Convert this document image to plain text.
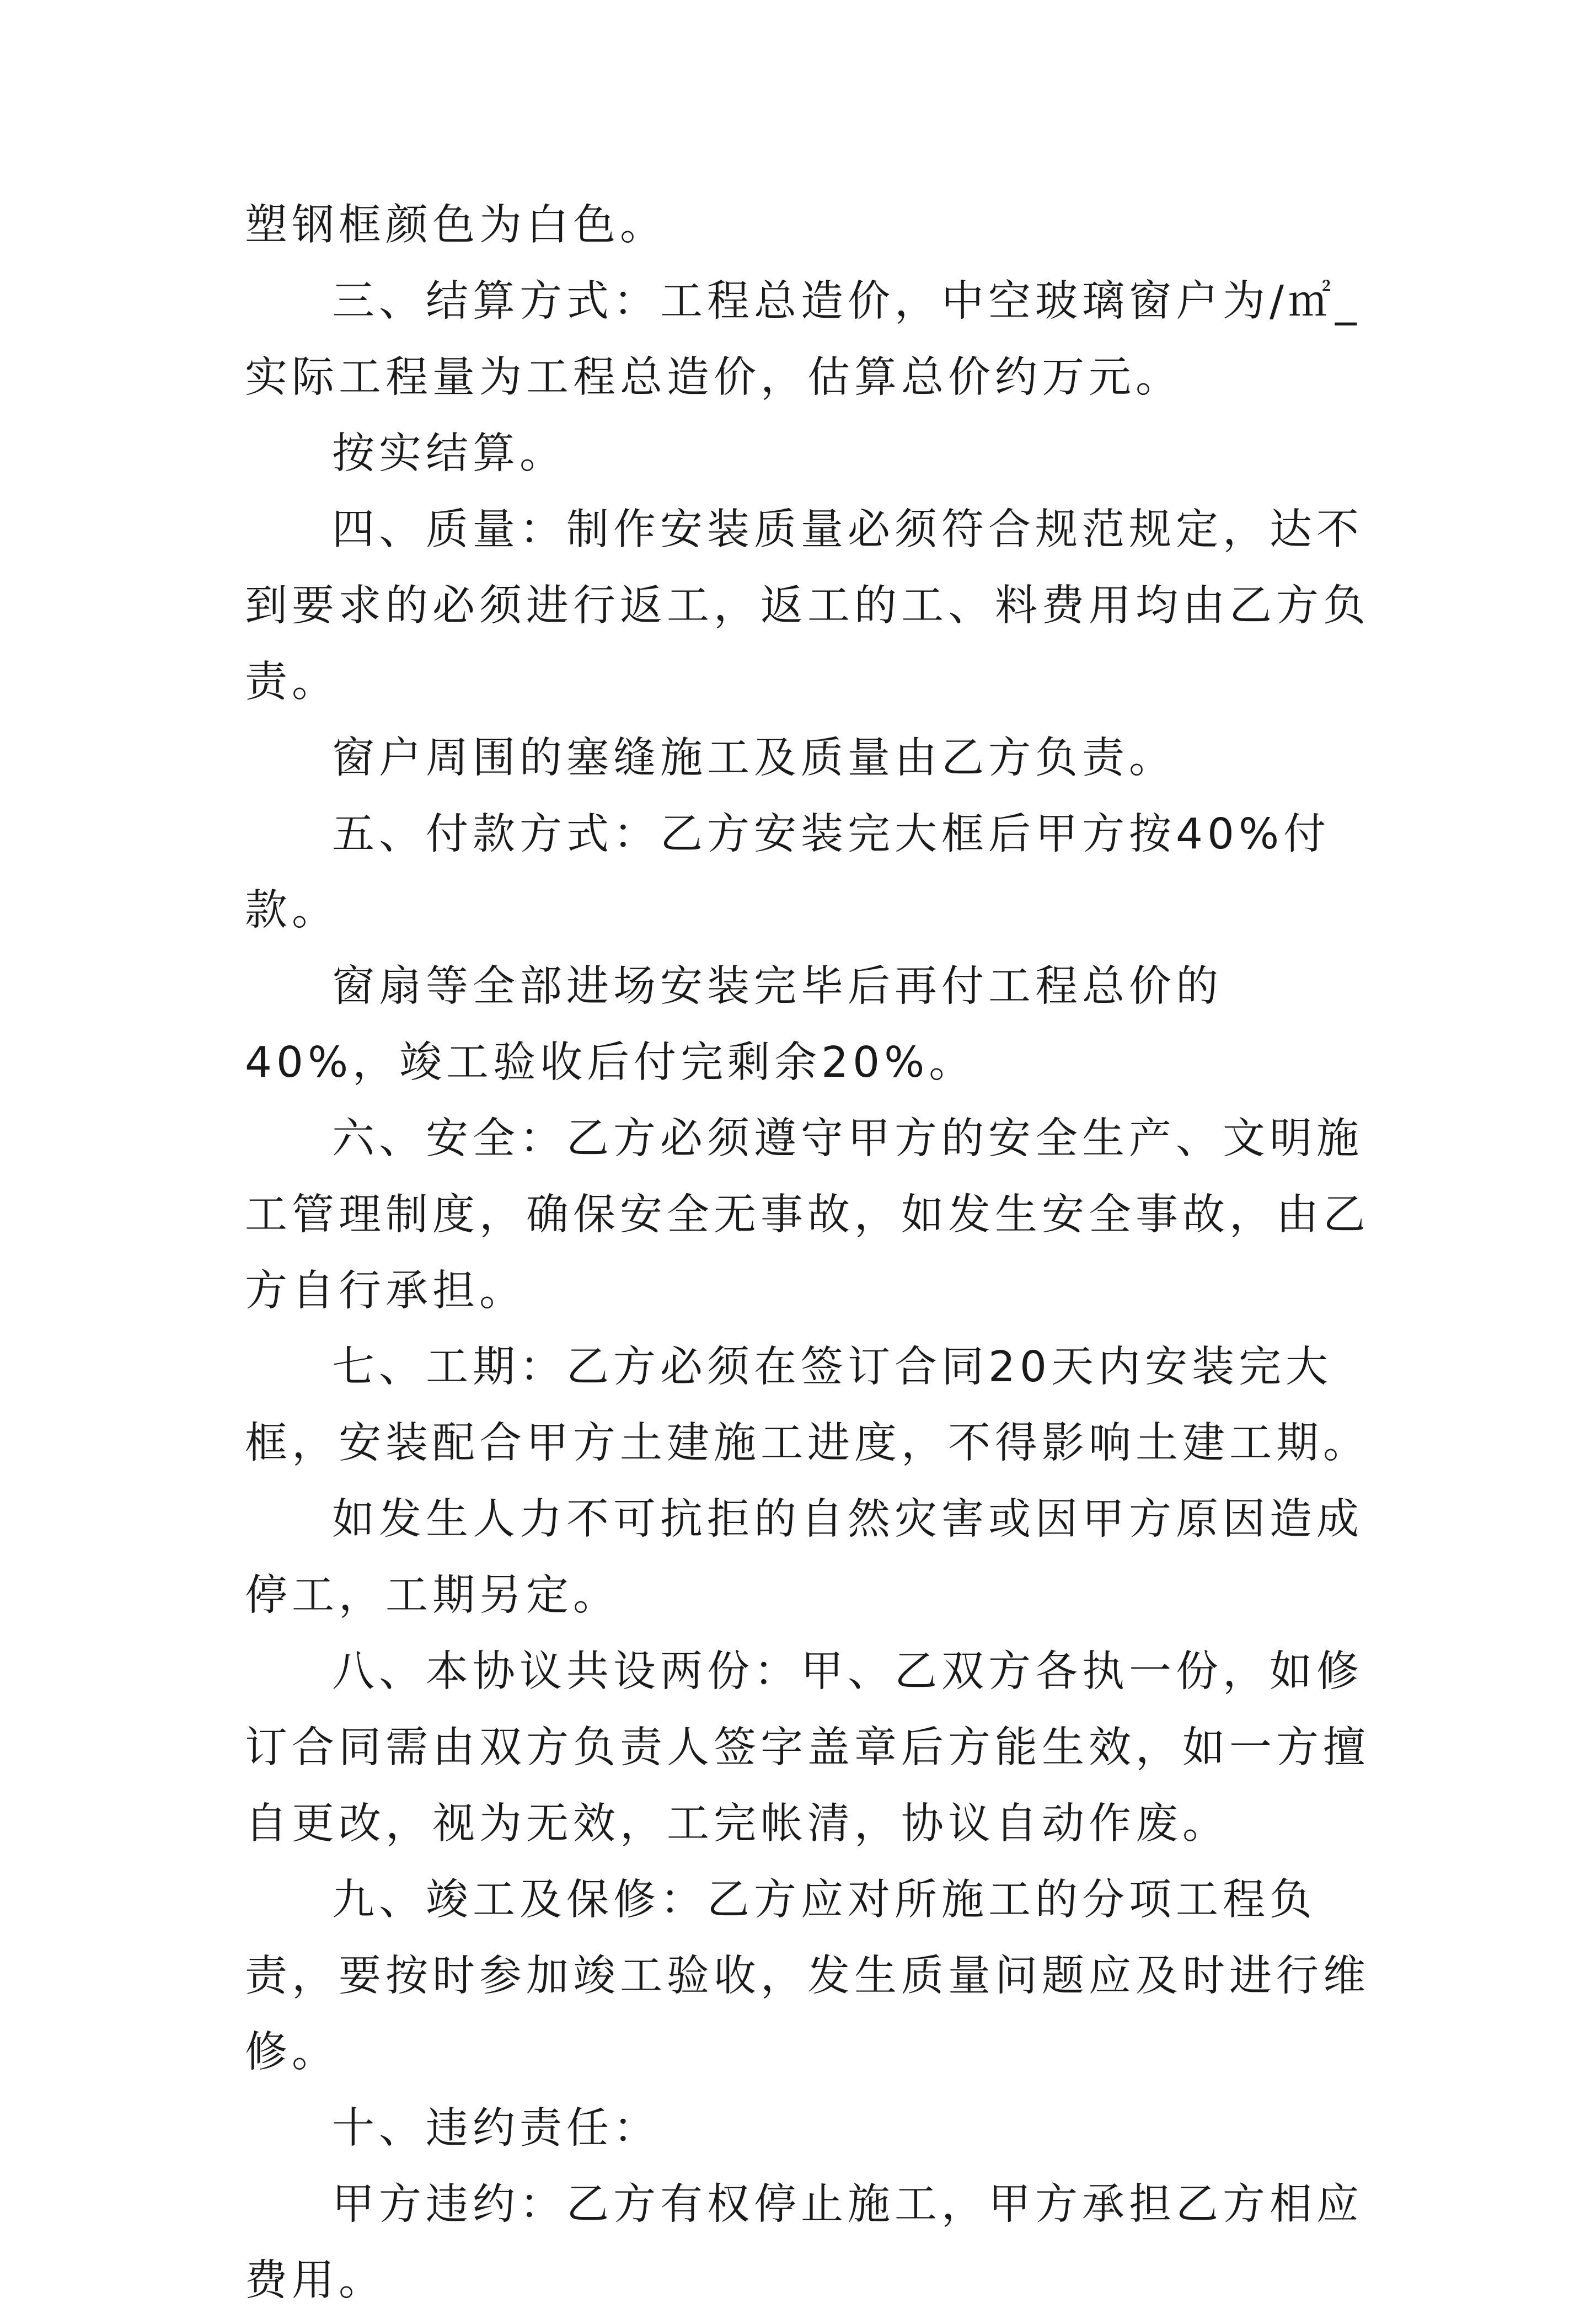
塑钢框颜色为白色。

三、结算方式：工程总造价，中空玻璃窗户为/㎡_实际工程量为工程总造价，估算总价约万元。

按实结算。

四、质量：制作安装质量必须符合规范规定，达不到要求的必须进行返工，返工的工、料费用均由乙方负责。

窗户周围的塞缝施工及质量由乙方负责。

五、付款方式：乙方安装完大框后甲方按40%付款。

窗扇等全部进场安装完毕后再付工程总价的40%，竣工验收后付完剩余20%。

六、安全：乙方必须遵守甲方的安全生产、文明施工管理制度，确保安全无事故，如发生安全事故，由乙方自行承担。

七、工期：乙方必须在签订合同20天内安装完大框，安装配合甲方土建施工进度，不得影响土建工期。

如发生人力不可抗拒的自然灾害或因甲方原因造成停工，工期另定。

八、本协议共设两份：甲、乙双方各执一份，如修订合同需由双方负责人签字盖章后方能生效，如一方擅自更改，视为无效，工完帐清，协议自动作废。

九、竣工及保修：乙方应对所施工的分项工程负责，要按时参加竣工验收，发生质量问题应及时进行维修。

十、违约责任：

甲方违约：乙方有权停止施工，甲方承担乙方相应费用。
